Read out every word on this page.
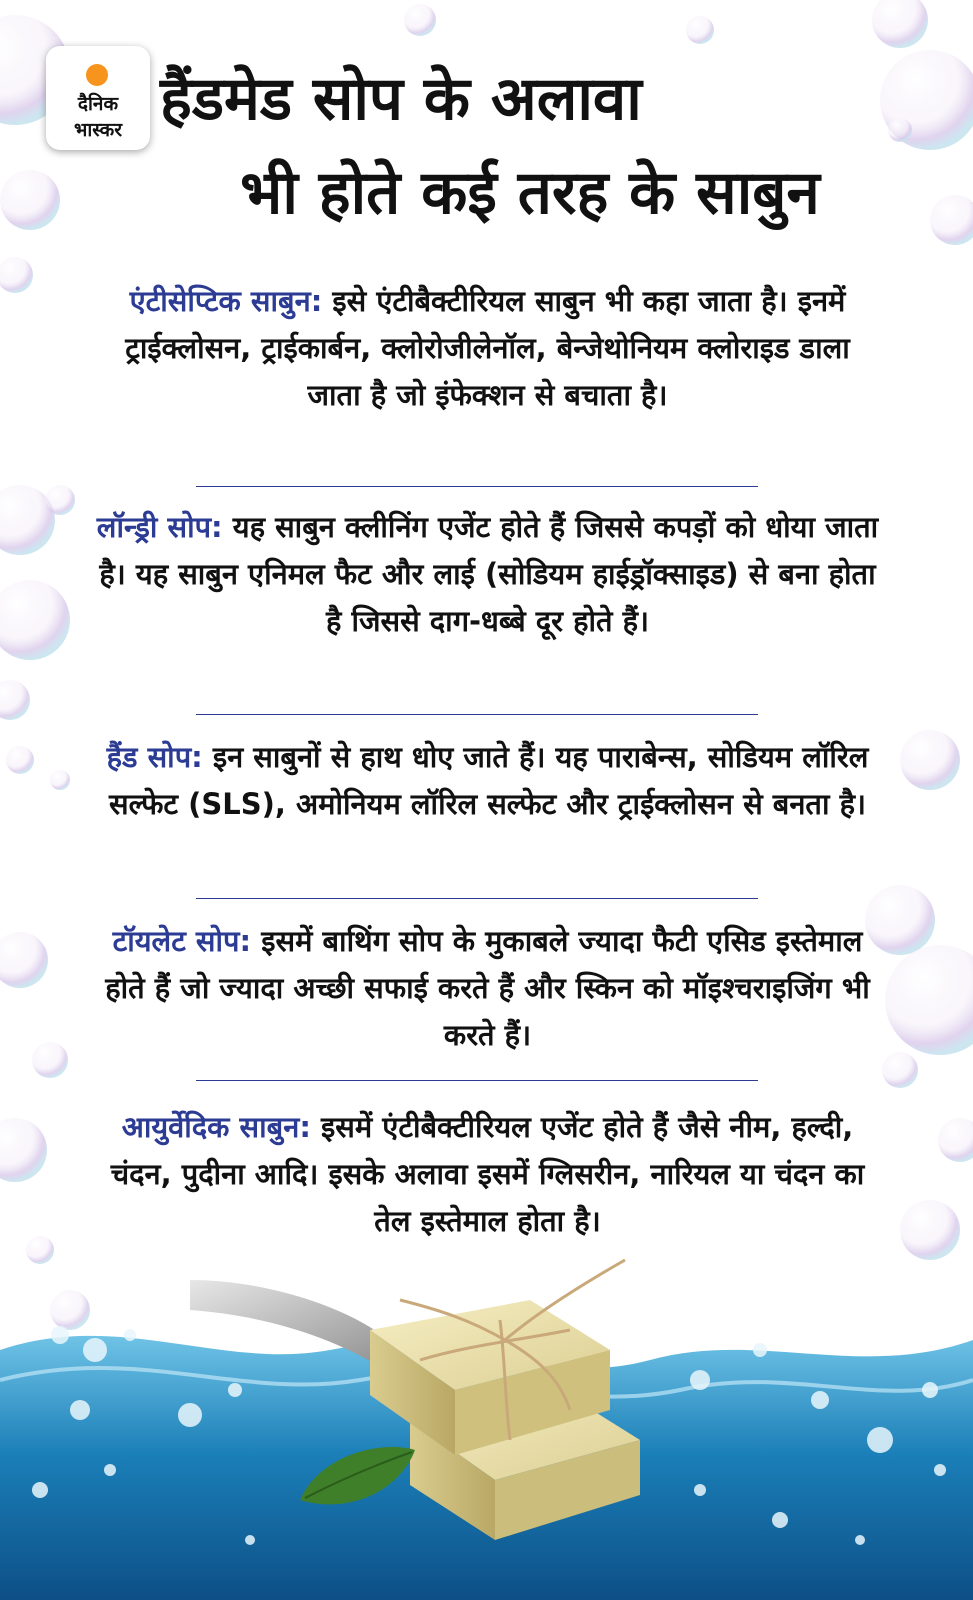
दैनिक
भास्कर हैंडमेड सोप के अलावा
भी होते कई तरह के साबुन

एंटीसेप्टिक साबुन: इसे एंटीबैक्टीरियल साबुन भी कहा जाता है। इनमें ट्राईक्लोसन, ट्राईकार्बन, क्लोरोजीलेनॉल, बेन्जेथोनियम क्लोराइड डाला जाता है जो इंफेक्शन से बचाता है।

लॉन्ड्री सोप: यह साबुन क्लीनिंग एजेंट होते हैं जिससे कपड़ों को धोया जाता है। यह साबुन एनिमल फैट और लाई (सोडियम हाईड्रॉक्साइड) से बना होता है जिससे दाग-धब्बे दूर होते हैं।

हैंड सोप: इन साबुनों से हाथ धोए जाते हैं। यह पाराबेन्स, सोडियम लॉरिल सल्फेट (SLS), अमोनियम लॉरिल सल्फेट और ट्राईक्लोसन से बनता है।

टॉयलेट सोप: इसमें बाथिंग सोप के मुकाबले ज्यादा फैटी एसिड इस्तेमाल होते हैं जो ज्यादा अच्छी सफाई करते हैं और स्किन को मॉइश्चराइजिंग भी करते हैं।

आयुर्वेदिक साबुन: इसमें एंटीबैक्टीरियल एजेंट होते हैं जैसे नीम, हल्दी, चंदन, पुदीना आदि। इसके अलावा इसमें ग्लिसरीन, नारियल या चंदन का तेल इस्तेमाल होता है।
